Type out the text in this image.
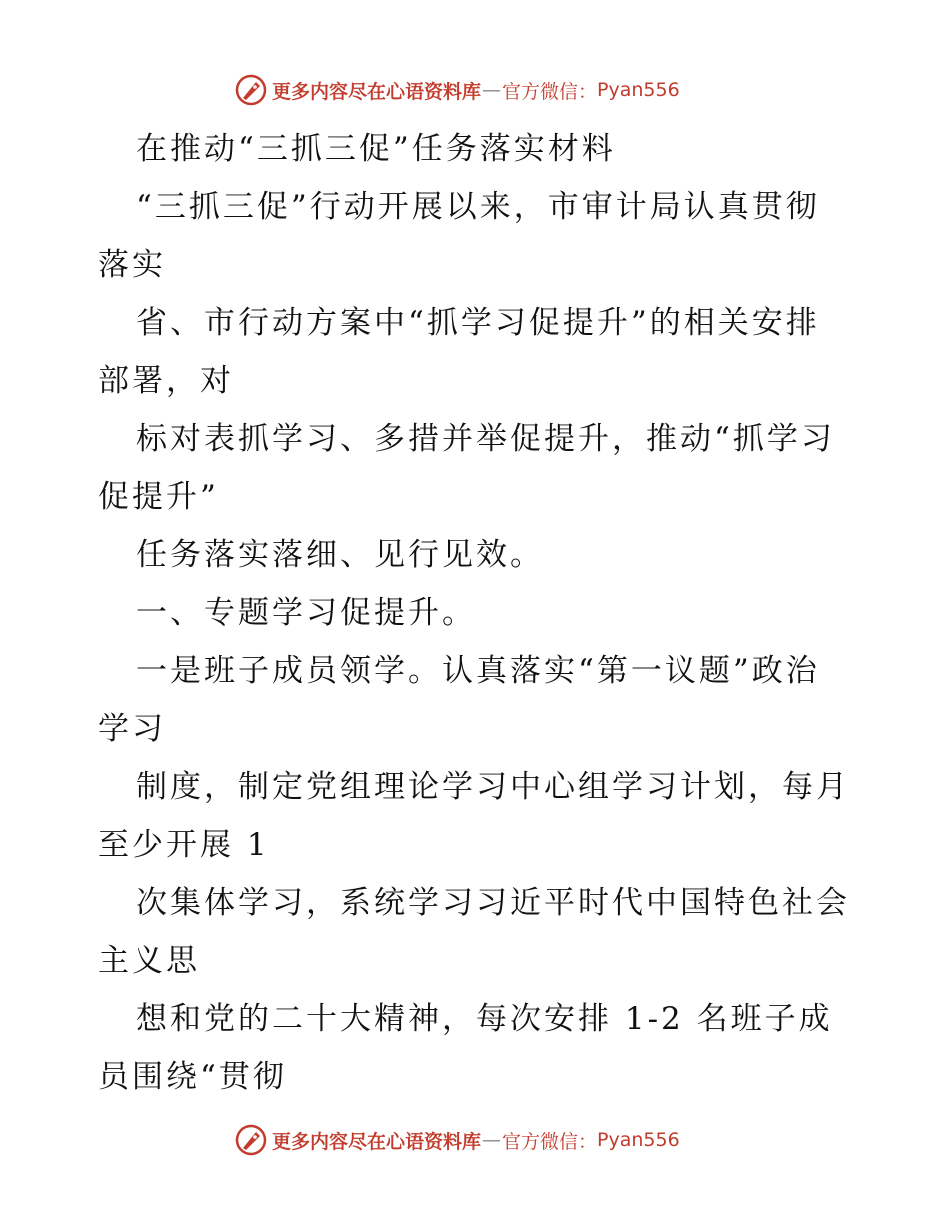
更多内容尽在心语资料库 — 官方微信： Pyan556
在推动“三抓三促”任务落实材料
“三抓三促”行动开展以来，市审计局认真贯彻
落实
省、市行动方案中“抓学习促提升”的相关安排
部署，对
标对表抓学习、多措并举促提升，推动“抓学习
促提升”
任务落实落细、见行见效。
一、专题学习促提升。
一是班子成员领学。认真落实“第一议题”政治
学习
制度，制定党组理论学习中心组学习计划，每月
至少开展 1
次集体学习，系统学习习近平时代中国特色社会
主义思
想和党的二十大精神，每次安排 1-2 名班子成
员围绕“贯彻
更多内容尽在心语资料库 — 官方微信： Pyan556
